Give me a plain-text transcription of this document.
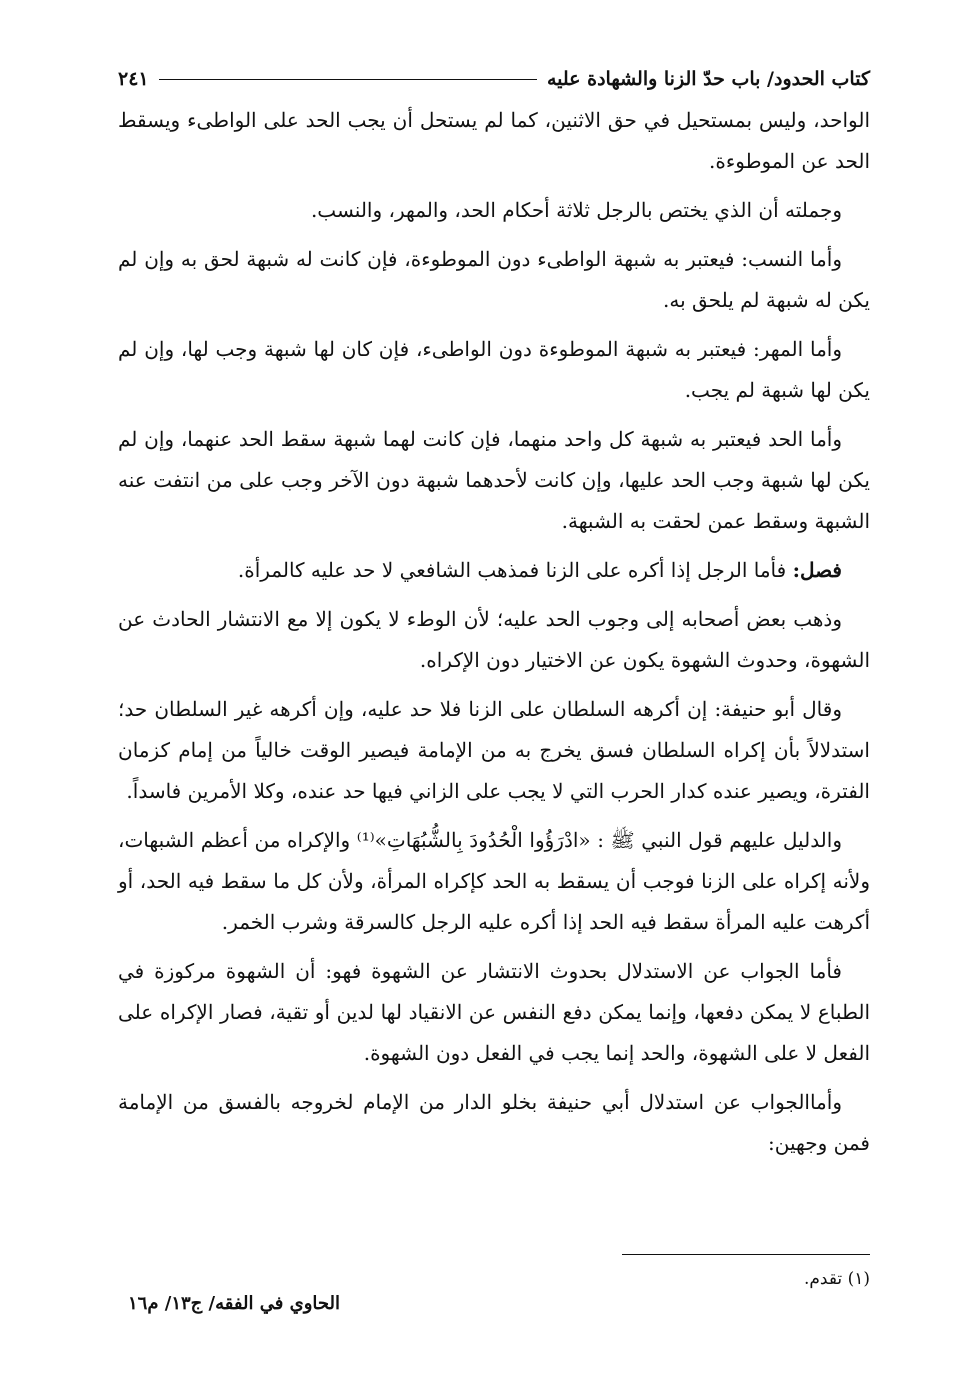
كتاب الحدود/ باب حدّ الزنا والشهادة عليه
٢٤١

الواحد، وليس بمستحيل في حق الاثنين، كما لم يستحل أن يجب الحد على الواطىء ويسقط الحد عن الموطوءة.

وجملته أن الذي يختص بالرجل ثلاثة أحكام الحد، والمهر، والنسب.

وأما النسب: فيعتبر به شبهة الواطىء دون الموطوءة، فإن كانت له شبهة لحق به وإن لم يكن له شبهة لم يلحق به.

وأما المهر: فيعتبر به شبهة الموطوءة دون الواطىء، فإن كان لها شبهة وجب لها، وإن لم يكن لها شبهة لم يجب.

وأما الحد فيعتبر به شبهة كل واحد منهما، فإن كانت لهما شبهة سقط الحد عنهما، وإن لم يكن لها شبهة وجب الحد عليها، وإن كانت لأحدهما شبهة دون الآخر وجب على من انتفت عنه الشبهة وسقط عمن لحقت به الشبهة.

فصل: فأما الرجل إذا أكره على الزنا فمذهب الشافعي لا حد عليه كالمرأة.

وذهب بعض أصحابه إلى وجوب الحد عليه؛ لأن الوطء لا يكون إلا مع الانتشار الحادث عن الشهوة، وحدوث الشهوة يكون عن الاختيار دون الإكراه.

وقال أبو حنيفة: إن أكرهه السلطان على الزنا فلا حد عليه، وإن أكرهه غير السلطان حد؛ استدلالاً بأن إكراه السلطان فسق يخرج به من الإمامة فيصير الوقت خالياً من إمام كزمان الفترة، ويصير عنده كدار الحرب التي لا يجب على الزاني فيها حد عنده، وكلا الأمرين فاسداً.

والدليل عليهم قول النبي ﷺ : «ادْرَؤُوا الْحُدُودَ بِالشُّبُهَاتِ»⁽¹⁾ والإكراه من أعظم الشبهات، ولأنه إكراه على الزنا فوجب أن يسقط به الحد كإكراه المرأة، ولأن كل ما سقط فيه الحد، أو أكرهت عليه المرأة سقط فيه الحد إذا أكره عليه الرجل كالسرقة وشرب الخمر.

فأما الجواب عن الاستدلال بحدوث الانتشار عن الشهوة فهو: أن الشهوة مركوزة في الطباع لا يمكن دفعها، وإنما يمكن دفع النفس عن الانقياد لها لدين أو تقية، فصار الإكراه على الفعل لا على الشهوة، والحد إنما يجب في الفعل دون الشهوة.

وأماالجواب عن استدلال أبي حنيفة بخلو الدار من الإمام لخروجه بالفسق من الإمامة فمن وجهين:

(١) تقدم.
الحاوي في الفقه/ ج١٣/ م١٦
